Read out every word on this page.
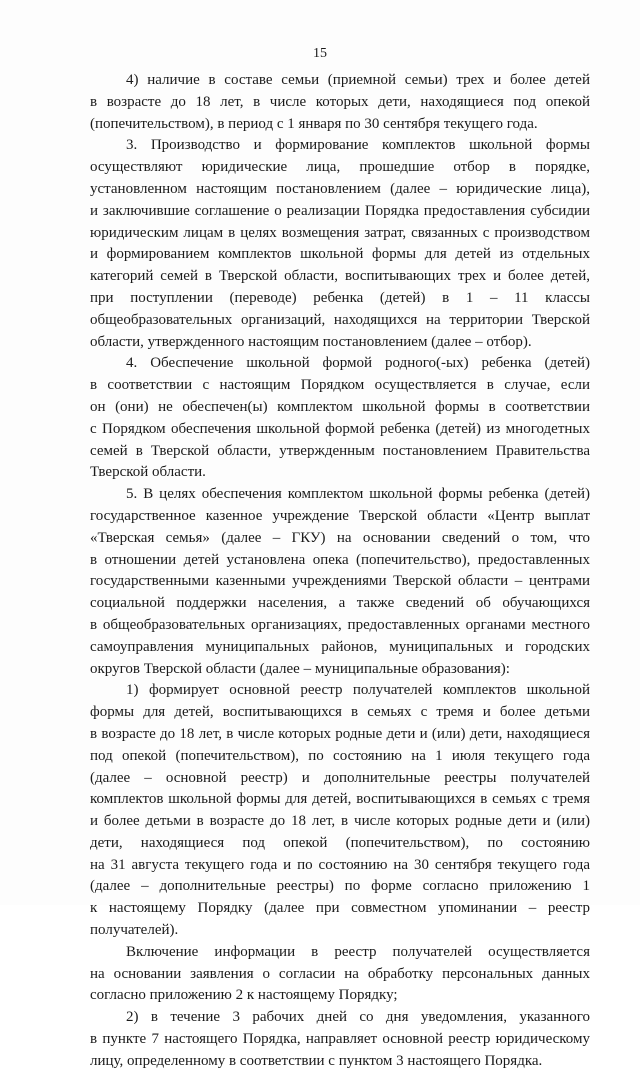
15
4) наличие в составе семьи (приемной семьи) трех и более детей
в возрасте до 18 лет, в числе которых дети, находящиеся под опекой
(попечительством), в период с 1 января по 30 сентября текущего года.
3. Производство и формирование комплектов школьной формы
осуществляют юридические лица, прошедшие отбор в порядке,
установленном настоящим постановлением (далее – юридические лица),
и заключившие соглашение о реализации Порядка предоставления субсидии
юридическим лицам в целях возмещения затрат, связанных с производством
и формированием комплектов школьной формы для детей из отдельных
категорий семей в Тверской области, воспитывающих трех и более детей,
при поступлении (переводе) ребенка (детей) в 1 – 11 классы
общеобразовательных организаций, находящихся на территории Тверской
области, утвержденного настоящим постановлением (далее – отбор).
4. Обеспечение школьной формой родного(-ых) ребенка (детей)
в соответствии с настоящим Порядком осуществляется в случае, если
он (они) не обеспечен(ы) комплектом школьной формы в соответствии
с Порядком обеспечения школьной формой ребенка (детей) из многодетных
семей в Тверской области, утвержденным постановлением Правительства
Тверской области.
5. В целях обеспечения комплектом школьной формы ребенка (детей)
государственное казенное учреждение Тверской области «Центр выплат
«Тверская семья» (далее – ГКУ) на основании сведений о том, что
в отношении детей установлена опека (попечительство), предоставленных
государственными казенными учреждениями Тверской области – центрами
социальной поддержки населения, а также сведений об обучающихся
в общеобразовательных организациях, предоставленных органами местного
самоуправления муниципальных районов, муниципальных и городских
округов Тверской области (далее – муниципальные образования):
1) формирует основной реестр получателей комплектов школьной
формы для детей, воспитывающихся в семьях с тремя и более детьми
в возрасте до 18 лет, в числе которых родные дети и (или) дети, находящиеся
под опекой (попечительством), по состоянию на 1 июля текущего года
(далее – основной реестр) и дополнительные реестры получателей
комплектов школьной формы для детей, воспитывающихся в семьях с тремя
и более детьми в возрасте до 18 лет, в числе которых родные дети и (или)
дети, находящиеся под опекой (попечительством), по состоянию
на 31 августа текущего года и по состоянию на 30 сентября текущего года
(далее – дополнительные реестры) по форме согласно приложению 1
к настоящему Порядку (далее при совместном упоминании – реестр
получателей).
Включение информации в реестр получателей осуществляется
на основании заявления о согласии на обработку персональных данных
согласно приложению 2 к настоящему Порядку;
2) в течение 3 рабочих дней со дня уведомления, указанного
в пункте 7 настоящего Порядка, направляет основной реестр юридическому
лицу, определенному в соответствии с пунктом 3 настоящего Порядка.
